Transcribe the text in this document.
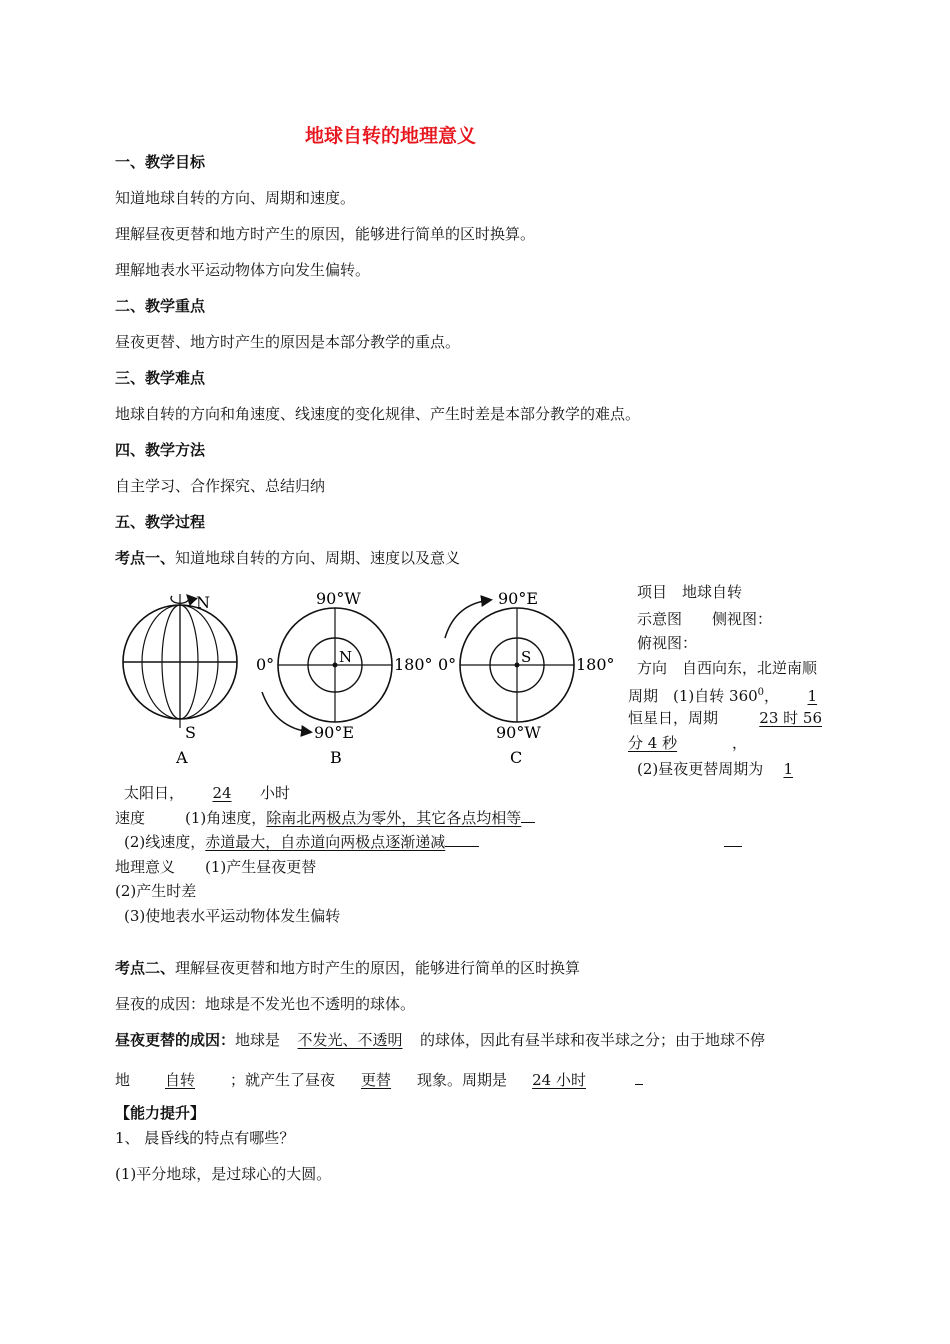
地球自转的地理意义
一、教学目标
知道地球自转的方向、周期和速度。
理解昼夜更替和地方时产生的原因，能够进行简单的区时换算。
理解地表水平运动物体方向发生偏转。
二、教学重点
昼夜更替、地方时产生的原因是本部分教学的重点。
三、教学难点
地球自转的方向和角速度、线速度的变化规律、产生时差是本部分教学的难点。
四、教学方法
自主学习、合作探究、总结归纳
五、教学过程
考点一、知道地球自转的方向、周期、速度以及意义
N
S
A
90°W
90°E
0°	180°
N
B
90°E
90°W
0°	180°
S
C
项目　地球自转
示意图　　侧视图：
俯视图：
方向　自西向东，北逆南顺
周期　(1)自转 $360^0$， 1
恒星日，周期	23 时 56
分 4 秒	，
(2)昼夜更替周期为 1
太阳日， 24 小时
速度	(1)角速度，除南北两极点为零外，其它各点均相等
(2)线速度，赤道最大，自赤道向两极点逐渐递减
地理意义 (1)产生昼夜更替
(2)产生时差
(3)使地表水平运动物体发生偏转
考点二、理解昼夜更替和地方时产生的原因，能够进行简单的区时换算
昼夜的成因：地球是不发光也不透明的球体。
昼夜更替的成因：地球是 不发光、不透明 的球体，因此有昼半球和夜半球之分；由于地球不停
地 自转 ；就产生了昼夜 更替 现象。周期是 24 小时
【能力提升】
1、 晨昏线的特点有哪些？
(1)平分地球，是过球心的大圆。
